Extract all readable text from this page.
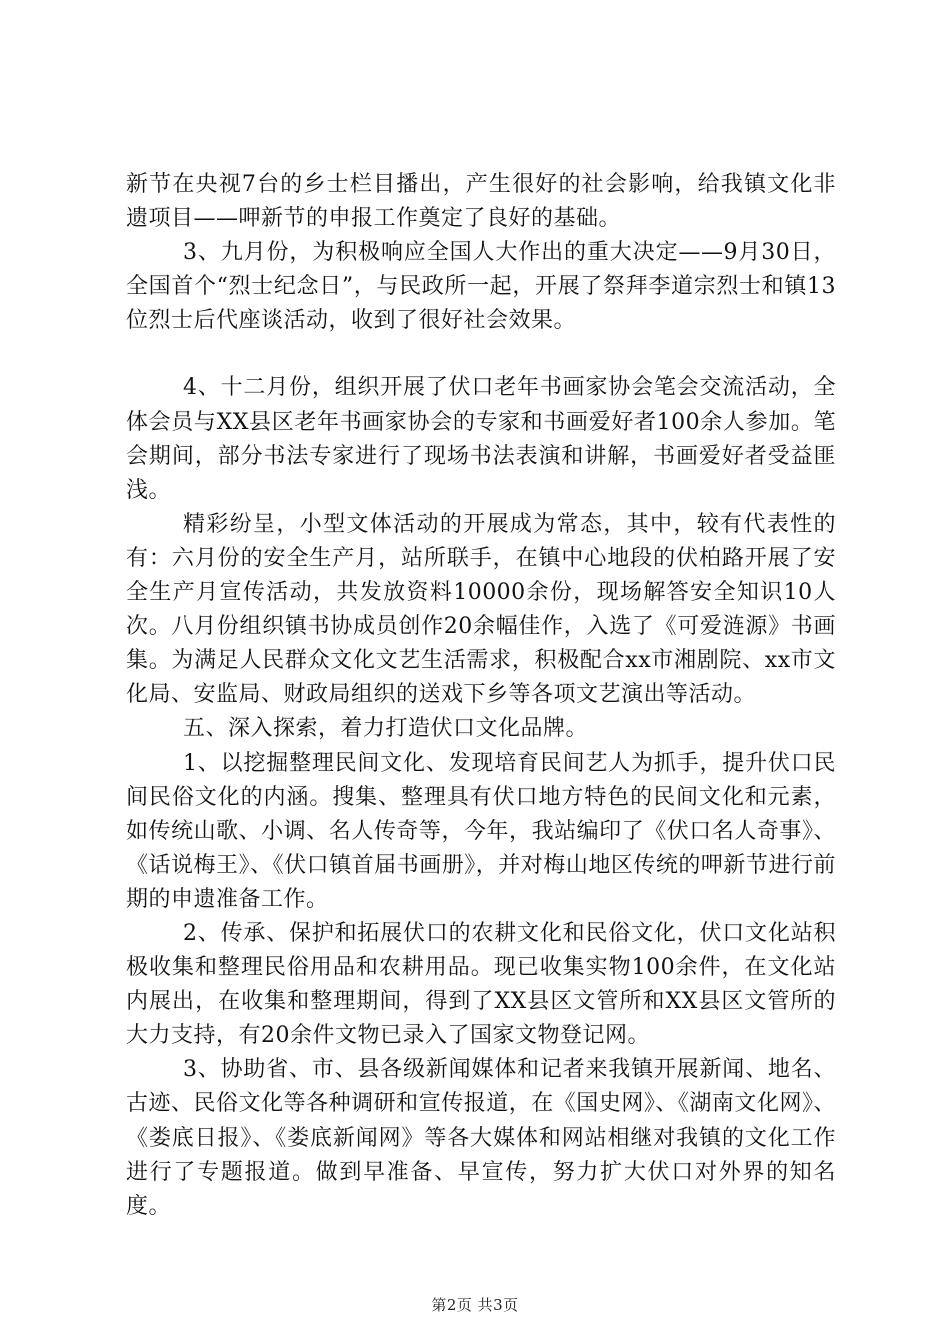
新节在央视7台的乡士栏目播出，产生很好的社会影响，给我镇文化非遗项目——呷新节的申报工作奠定了良好的基础。

3、九月份，为积极响应全国人大作出的重大决定——9月30日，全国首个“烈士纪念日”，与民政所一起，开展了祭拜李道宗烈士和镇13位烈士后代座谈活动，收到了很好社会效果。

4、十二月份，组织开展了伏口老年书画家协会笔会交流活动，全体会员与XX县区老年书画家协会的专家和书画爱好者100余人参加。笔会期间，部分书法专家进行了现场书法表演和讲解，书画爱好者受益匪浅。

精彩纷呈，小型文体活动的开展成为常态，其中，较有代表性的有：六月份的安全生产月，站所联手，在镇中心地段的伏柏路开展了安全生产月宣传活动，共发放资料10000余份，现场解答安全知识10人次。八月份组织镇书协成员创作20余幅佳作，入选了《可爱涟源》书画集。为满足人民群众文化文艺生活需求，积极配合xx市湘剧院、xx市文化局、安监局、财政局组织的送戏下乡等各项文艺演出等活动。

五、深入探索，着力打造伏口文化品牌。

1、以挖掘整理民间文化、发现培育民间艺人为抓手，提升伏口民间民俗文化的内涵。搜集、整理具有伏口地方特色的民间文化和元素，如传统山歌、小调、名人传奇等，今年，我站编印了《伏口名人奇事》、《话说梅王》、《伏口镇首届书画册》，并对梅山地区传统的呷新节进行前期的申遗准备工作。

2、传承、保护和拓展伏口的农耕文化和民俗文化，伏口文化站积极收集和整理民俗用品和农耕用品。现已收集实物100余件，在文化站内展出，在收集和整理期间，得到了XX县区文管所和XX县区文管所的大力支持，有20余件文物已录入了国家文物登记网。

3、协助省、市、县各级新闻媒体和记者来我镇开展新闻、地名、古迹、民俗文化等各种调研和宣传报道，在《国史网》、《湖南文化网》、《娄底日报》、《娄底新闻网》等各大媒体和网站相继对我镇的文化工作进行了专题报道。做到早准备、早宣传，努力扩大伏口对外界的知名度。

第2页 共3页
